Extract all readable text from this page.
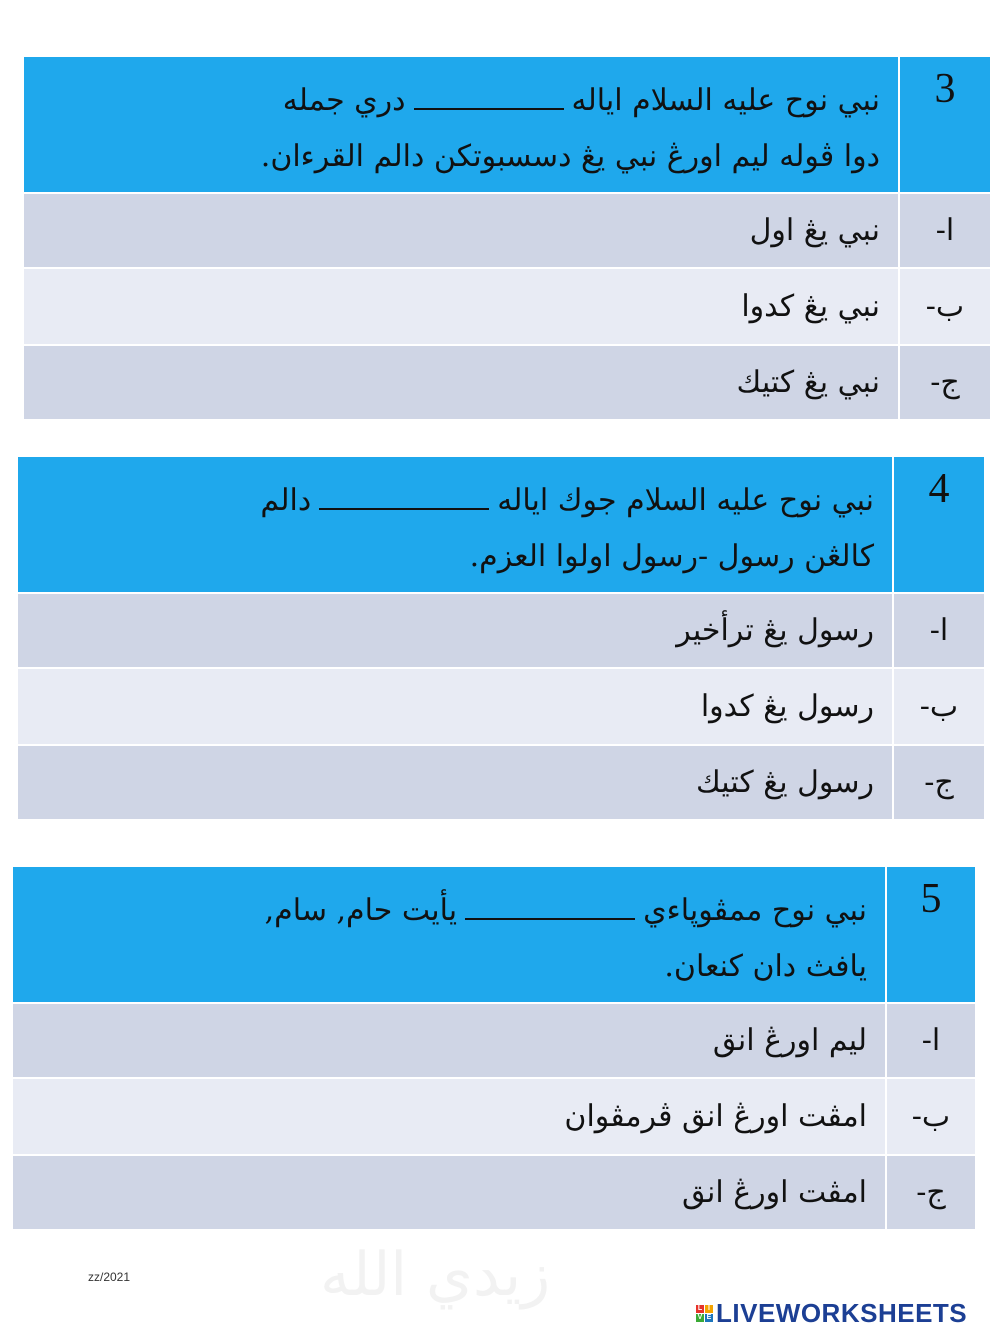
نبي نوح عليه السلام ايالهدري جمله
دوا ڤوله ليم اورڠ نبي يڠ دسسبوتكن دالم القرءان.	3
نبي يڠ اول	ا-
نبي يڠ كدوا	ب-
نبي يڠ كتيك	ج-
نبي نوح عليه السلام جوك ايالهدالم
كالڠن رسول -رسول اولوا العزم.	4
رسول يڠ ترأخير	ا-
رسول يڠ كدوا	ب-
رسول يڠ كتيك	ج-
نبي نوح ممڤوڽاءييأيت حام, سام,
يافث دان كنعان.	5
ليم اورڠ انق	ا-
امڤت اورڠ انق ڤرمڤوان	ب-
امڤت اورڠ انق	ج-
zz/2021	زيدي الله	L I
V E LIVEWORKSHEETS
